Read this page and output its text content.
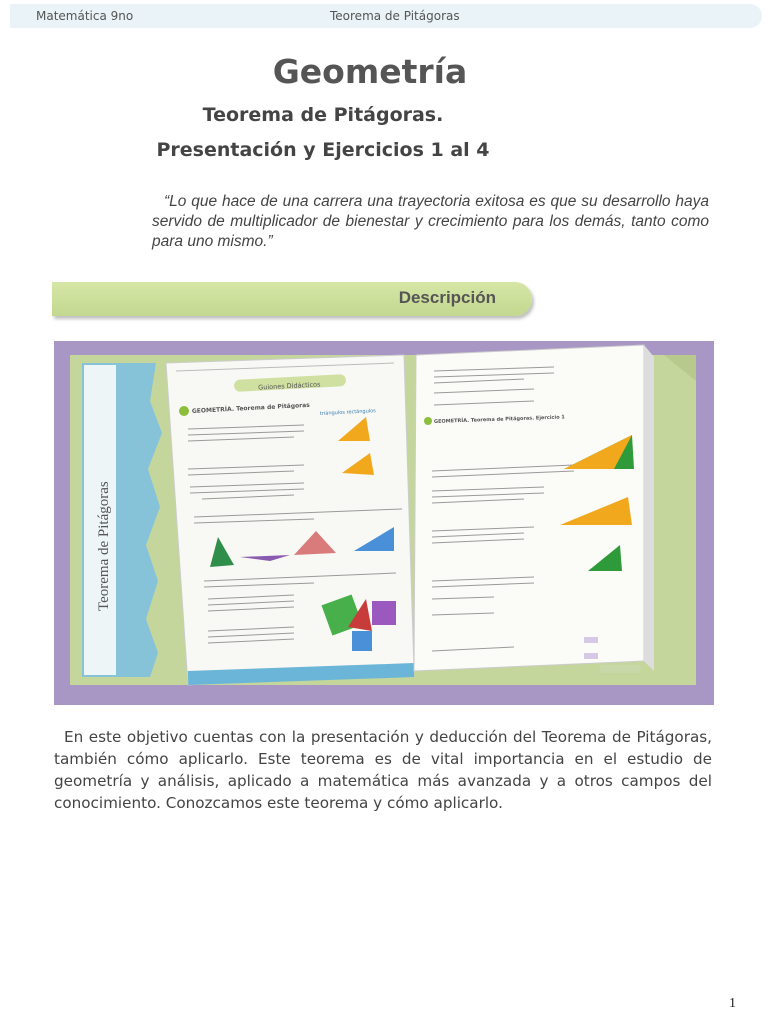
Matemática 9no	Teorema de Pitágoras
Geometría
Teorema de Pitágoras.
Presentación y Ejercicios 1 al 4
“Lo que hace de una carrera una trayectoria exitosa es que su desarrollo haya servido de multiplicador de bienestar y crecimiento para los demás, tanto como para uno mismo.”
Descripción
Teorema de Pitágoras
Guiones Didácticos
GEOMETRÍA. Teorema de Pitágoras triángulos rectángulos
GEOMETRÍA. Teorema de Pitágoras. Ejercicio 1

En este objetivo cuentas con la presentación y deducción del Teorema de Pitágoras, también cómo aplicarlo. Este teorema es de vital importancia en el estudio de geometría y análisis, aplicado a matemática más avanzada y a otros campos del conocimiento. Conozcamos este teorema y cómo aplicarlo.

1
